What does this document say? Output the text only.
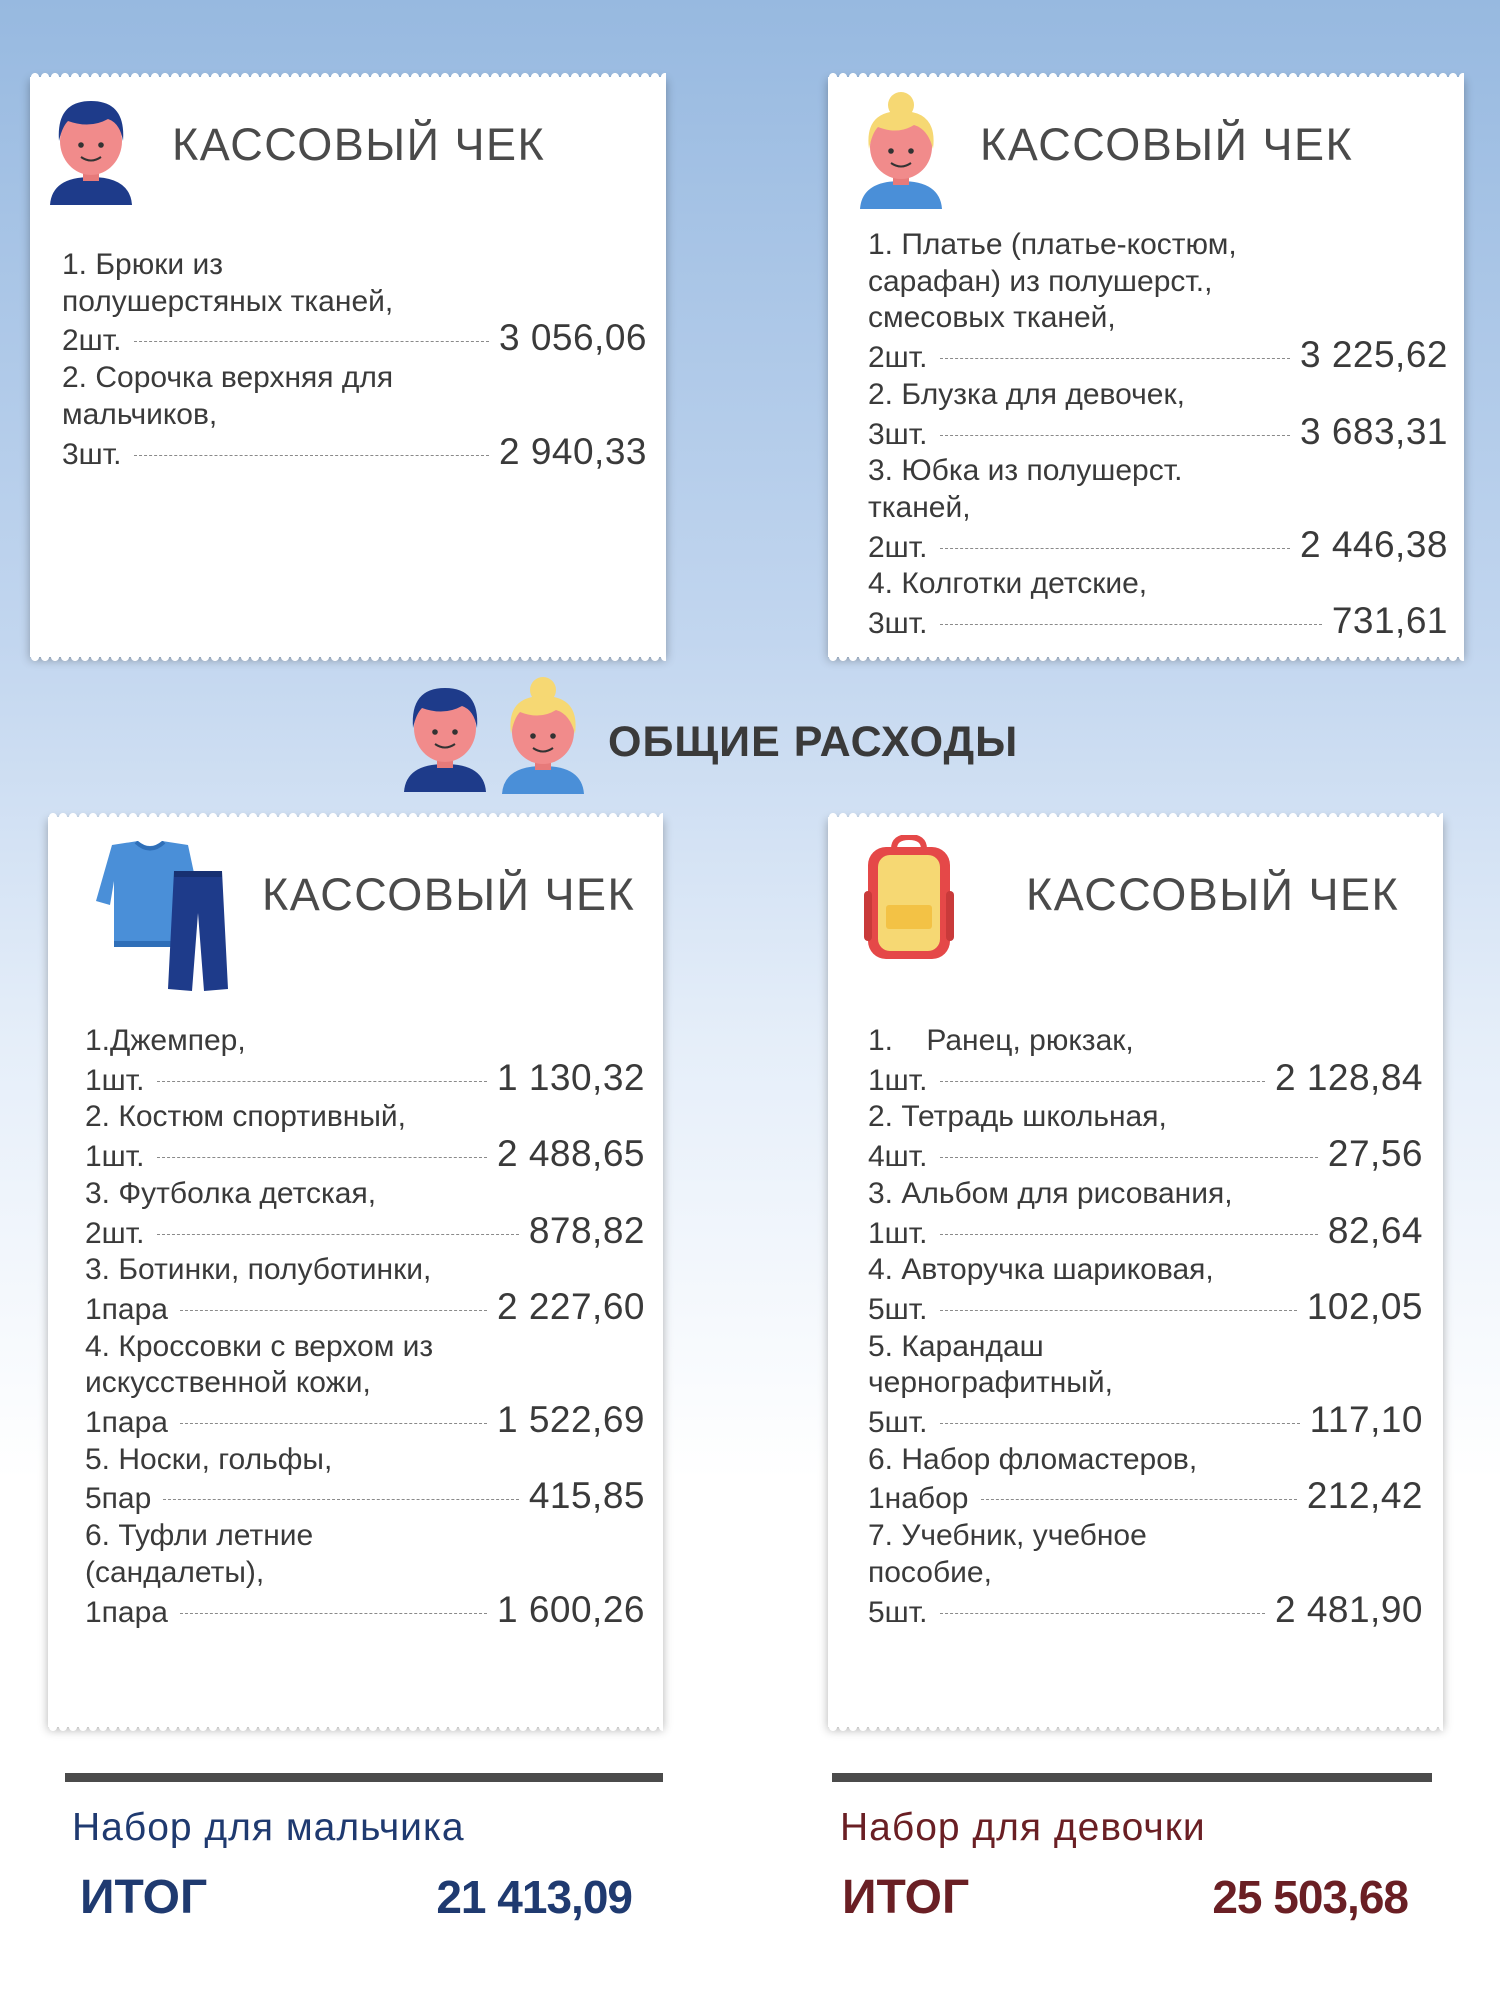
КАССОВЫЙ ЧЕК
1. Брюки из
полушерстяных тканей,
2шт.	3 056,06
2. Сорочка верхняя для
мальчиков,
3шт.	2 940,33
КАССОВЫЙ ЧЕК
1. Платье (платье-костюм,
сарафан) из полушерст.,
смесовых тканей,
2шт.	3 225,62
2. Блузка для девочек,
3шт.	3 683,31
3. Юбка из полушерст.
тканей,
2шт.	2 446,38
4. Колготки детские,
3шт.	731,61
ОБЩИЕ РАСХОДЫ
КАССОВЫЙ ЧЕК
1.Джемпер,
1шт.	1 130,32
2. Костюм спортивный,
1шт.	2 488,65
3. Футболка детская,
2шт.	878,82
3. Ботинки, полуботинки,
1пара	2 227,60
4. Кроссовки с верхом из
искусственной кожи,
1пара	1 522,69
5. Носки, гольфы,
5пар	415,85
6. Туфли летние
(сандалеты),
1пара	1 600,26
КАССОВЫЙ ЧЕК
1.    Ранец, рюкзак,
1шт.	2 128,84
2. Тетрадь школьная,
4шт.	27,56
3. Альбом для рисования,
1шт.	82,64
4. Авторучка шариковая,
5шт.	102,05
5. Карандаш
чернографитный,
5шт.	117,10
6. Набор фломастеров,
1набор	212,42
7. Учебник, учебное
пособие,
5шт.	2 481,90
Набор для мальчика
ИТОГ	21 413,09
Набор для девочки
ИТОГ	25 503,68
